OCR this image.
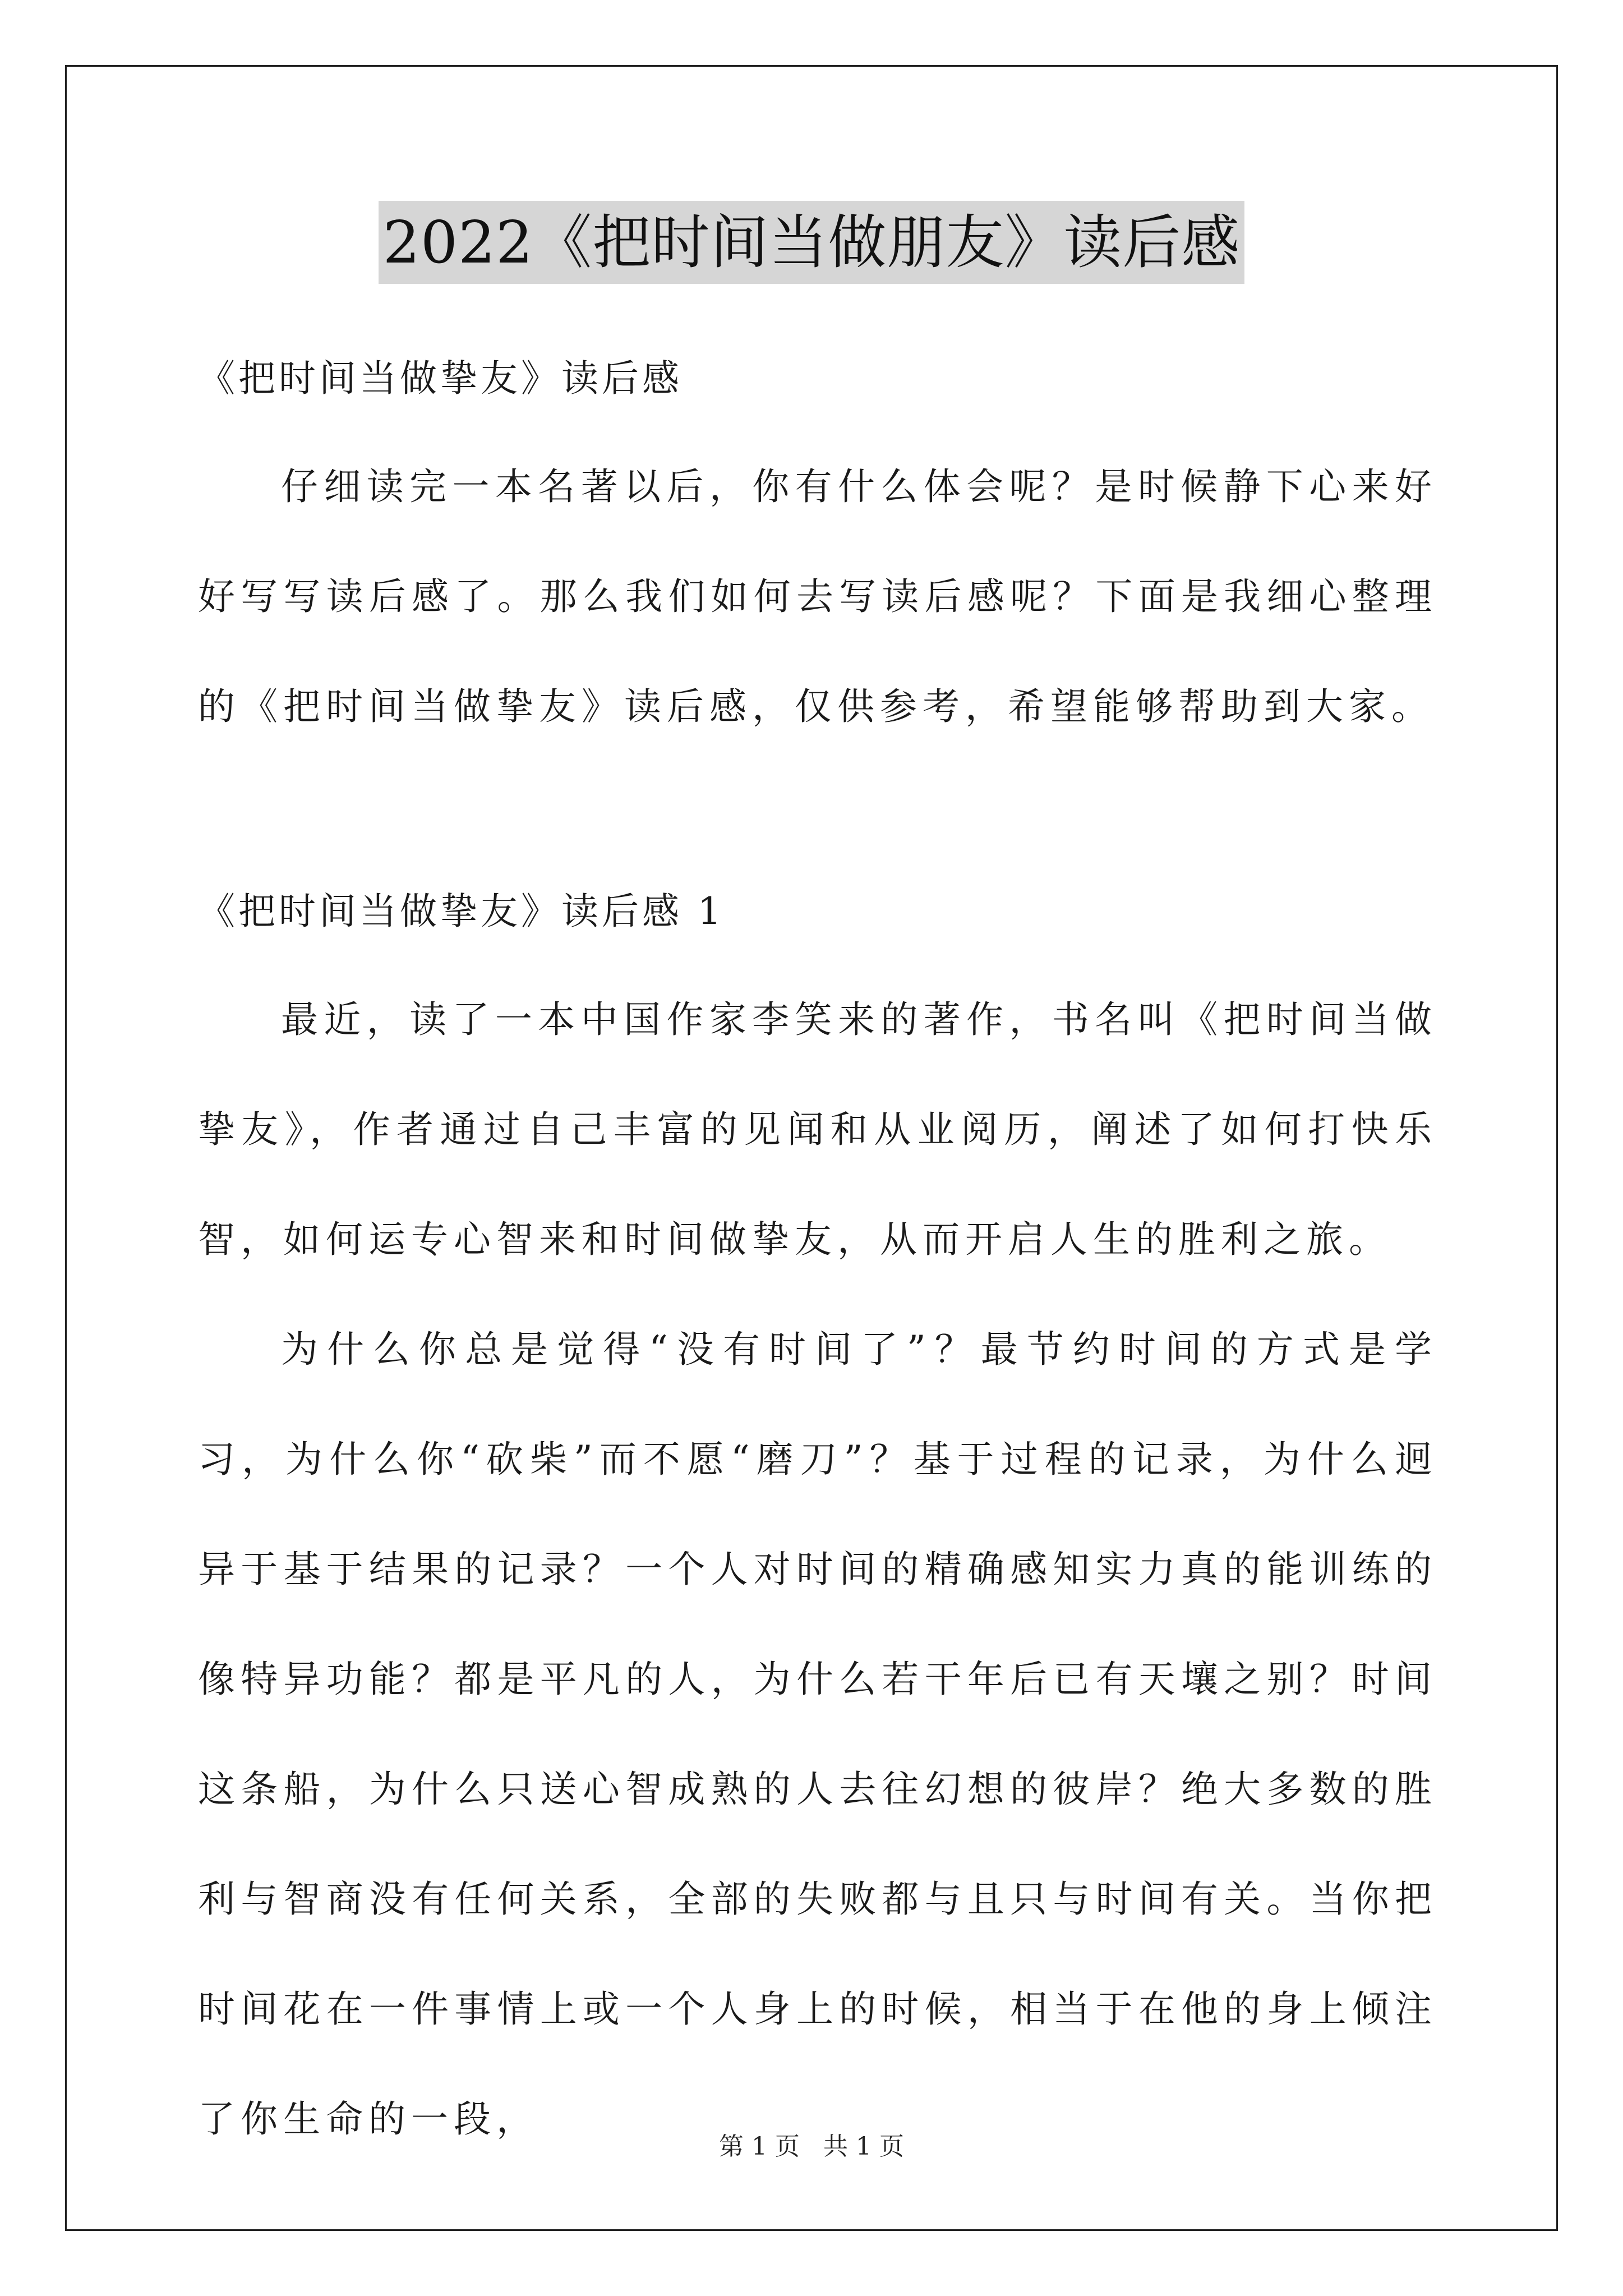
2022《把时间当做朋友》读后感
《把时间当做挚友》读后感

仔细读完一本名著以后，你有什么体会呢？是时候静下心来好好写写读后感了。那么我们如何去写读后感呢？下面是我细心整理的《把时间当做挚友》读后感，仅供参考，希望能够帮助到大家。

《把时间当做挚友》读后感 1

最近，读了一本中国作家李笑来的著作，书名叫《把时间当做挚友》，作者通过自己丰富的见闻和从业阅历，阐述了如何打快乐智，如何运专心智来和时间做挚友，从而开启人生的胜利之旅。

为什么你总是觉得“没有时间了”？最节约时间的方式是学习，为什么你“砍柴”而不愿“磨刀”？基于过程的记录，为什么迥异于基于结果的记录？一个人对时间的精确感知实力真的能训练的像特异功能？都是平凡的人，为什么若干年后已有天壤之别？时间这条船，为什么只送心智成熟的人去往幻想的彼岸？绝大多数的胜利与智商没有任何关系，全部的失败都与且只与时间有关。当你把时间花在一件事情上或一个人身上的时候，相当于在他的身上倾注了你生命的一段，

第 1 页 共 1 页
